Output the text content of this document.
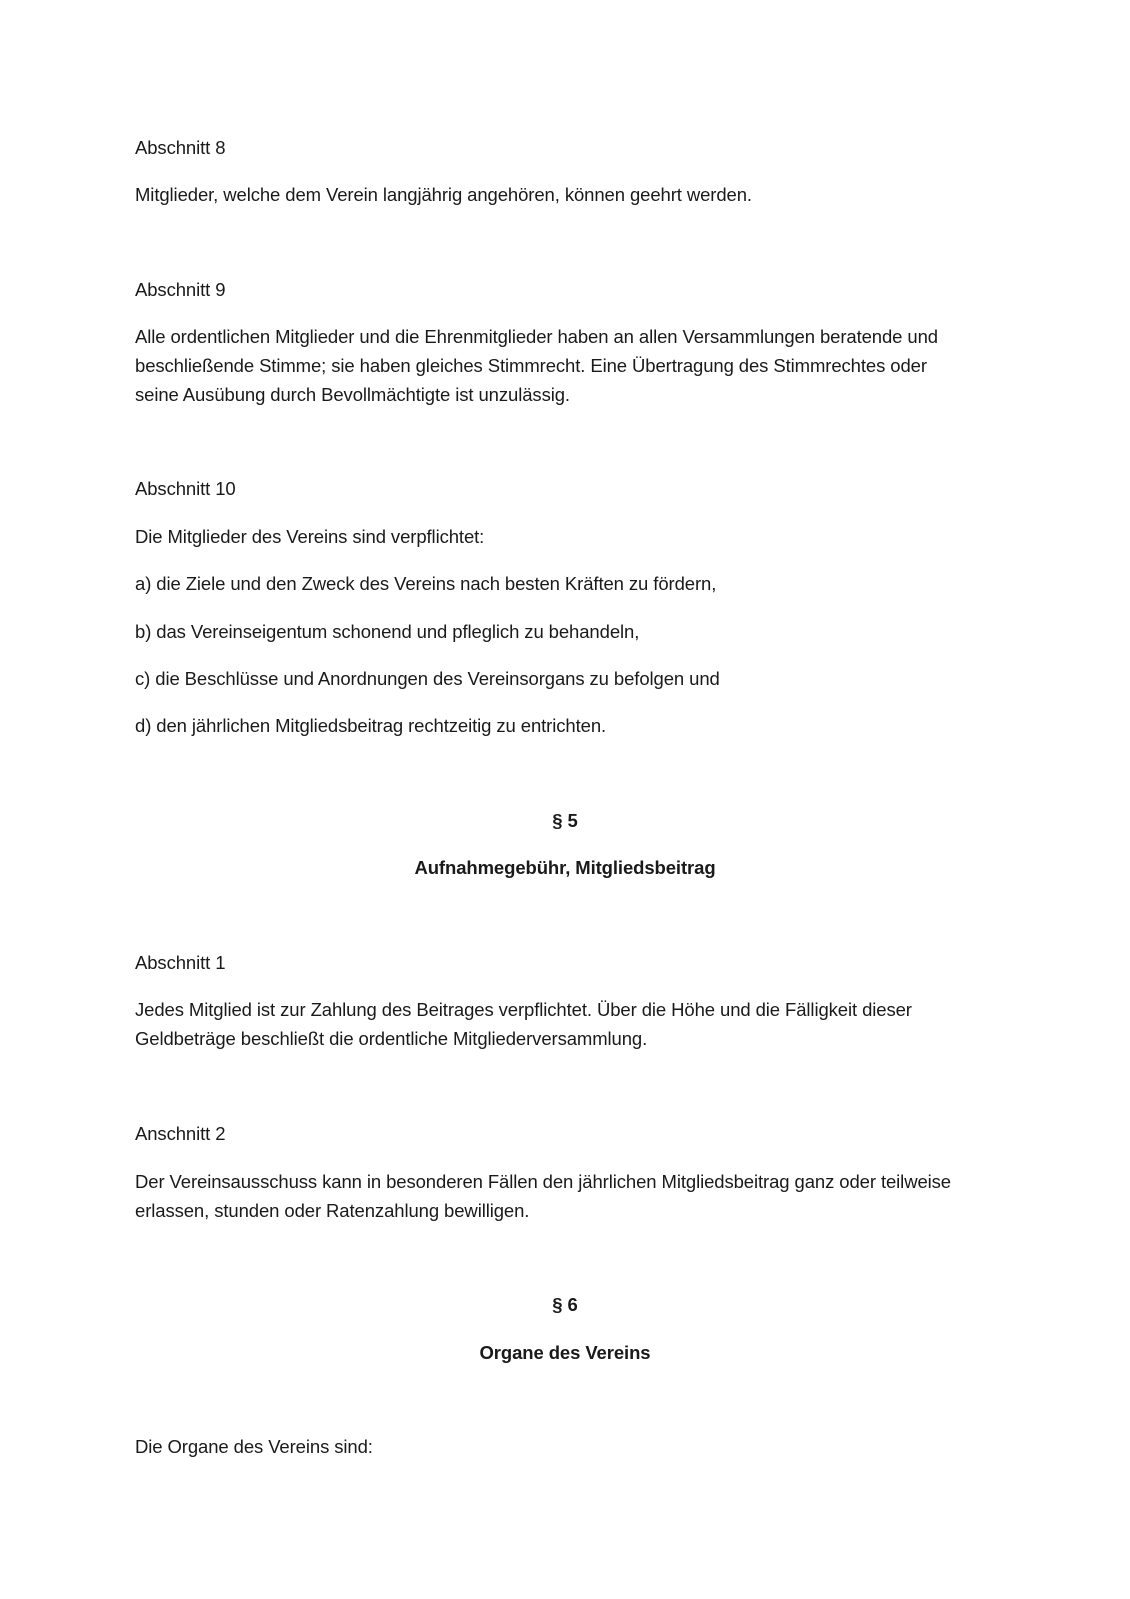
Abschnitt 8

Mitglieder, welche dem Verein langjährig angehören, können geehrt werden.

Abschnitt 9

Alle ordentlichen Mitglieder und die Ehrenmitglieder haben an allen Versammlungen beratende und

beschließende Stimme; sie haben gleiches Stimmrecht. Eine Übertragung des Stimmrechtes oder

seine Ausübung durch Bevollmächtigte ist unzulässig.

Abschnitt 10

Die Mitglieder des Vereins sind verpflichtet:

a) die Ziele und den Zweck des Vereins nach besten Kräften zu fördern,

b) das Vereinseigentum schonend und pfleglich zu behandeln,

c) die Beschlüsse und Anordnungen des Vereinsorgans zu befolgen und

d) den jährlichen Mitgliedsbeitrag rechtzeitig zu entrichten.

§ 5

Aufnahmegebühr, Mitgliedsbeitrag

Abschnitt 1

Jedes Mitglied ist zur Zahlung des Beitrages verpflichtet. Über die Höhe und die Fälligkeit dieser

Geldbeträge beschließt die ordentliche Mitgliederversammlung.

Anschnitt 2

Der Vereinsausschuss kann in besonderen Fällen den jährlichen Mitgliedsbeitrag ganz oder teilweise

erlassen, stunden oder Ratenzahlung bewilligen.

§ 6

Organe des Vereins

Die Organe des Vereins sind:
